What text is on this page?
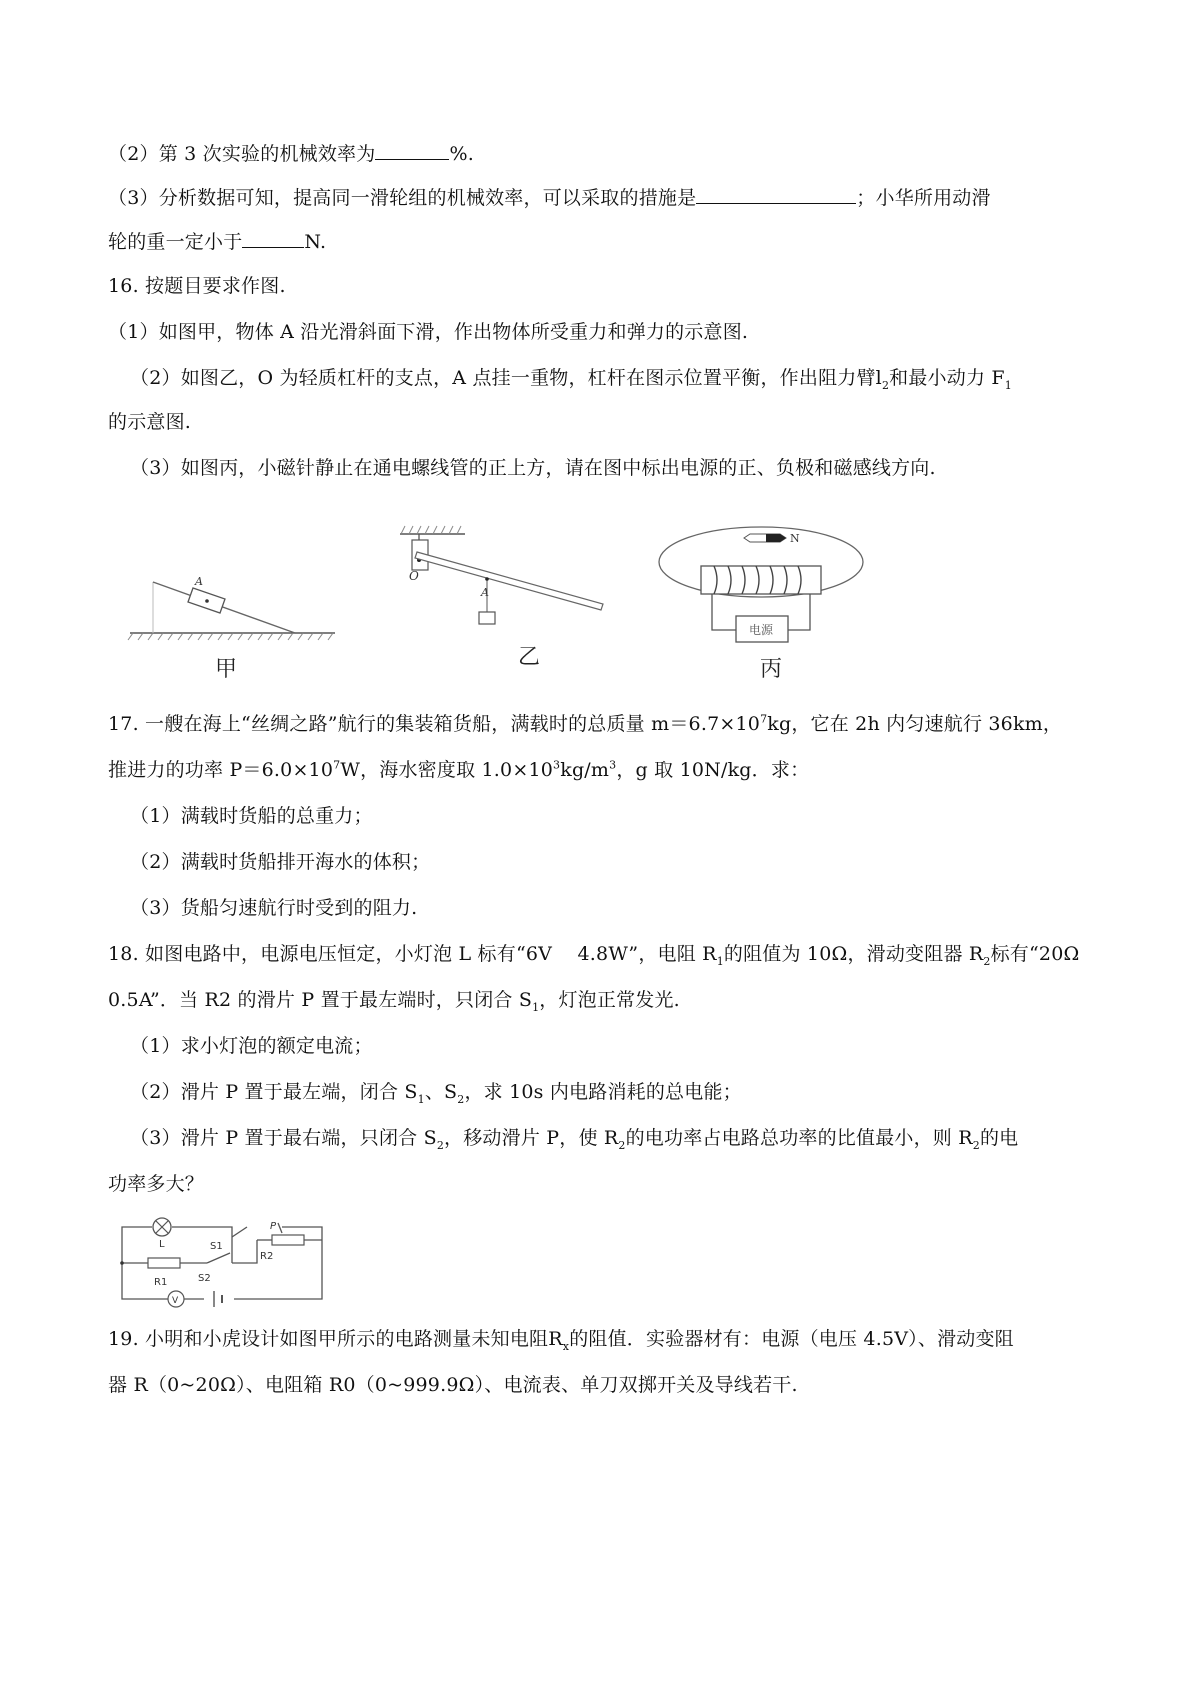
（2）第 3 次实验的机械效率为	%.
（3）分析数据可知，提高同一滑轮组的机械效率，可以采取的措施是	；小华所用动滑
轮的重一定小于	N.
16. 按题目要求作图.
（1）如图甲，物体 A 沿光滑斜面下滑，作出物体所受重力和弹力的示意图.
（2）如图乙，O 为轻质杠杆的支点，A 点挂一重物，杠杆在图示位置平衡，作出阻力臂$l_2$和最小动力 $F_1$
的示意图.
（3）如图丙，小磁针静止在通电螺线管的正上方，请在图中标出电源的正、负极和磁感线方向.
A
甲
O
A
乙
N
电源
丙
17. 一艘在海上“丝绸之路”航行的集装箱货船，满载时的总质量 $m=6.7\times 10^7kg$，它在 2h 内匀速航行 36km，
推进力的功率 $P=6.0\times 10^7W$，海水密度取 $1.0\times 10^3kg/m^3$，g 取 10N/kg．求：
（1）满载时货船的总重力；
（2）满载时货船排开海水的体积；
（3）货船匀速航行时受到的阻力.
18. 如图电路中，电源电压恒定，小灯泡 L 标有“6V　 4.8W”，电阻 $R_1$的阻值为 10Ω，滑动变阻器 $R_2$标有“20Ω
0.5A”．当 R2 的滑片 P 置于最左端时，只闭合 $S_1$，灯泡正常发光.
（1）求小灯泡的额定电流；
（2）滑片 P 置于最左端，闭合 $S_1$、$S_2$，求 10s 内电路消耗的总电能；
（3）滑片 P 置于最右端，只闭合 $S_2$，移动滑片 P，使 $R_2$的电功率占电路总功率的比值最小，则 $R_2$的电
功率多大？
L	S1
S2
R1
R2
P
V
19. 小明和小虎设计如图甲所示的电路测量未知电阻$R_x$的阻值．实验器材有：电源（电压 4.5V）、滑动变阻
器 R（0~20Ω）、电阻箱 R0（0~999.9Ω）、电流表、单刀双掷开关及导线若干.
